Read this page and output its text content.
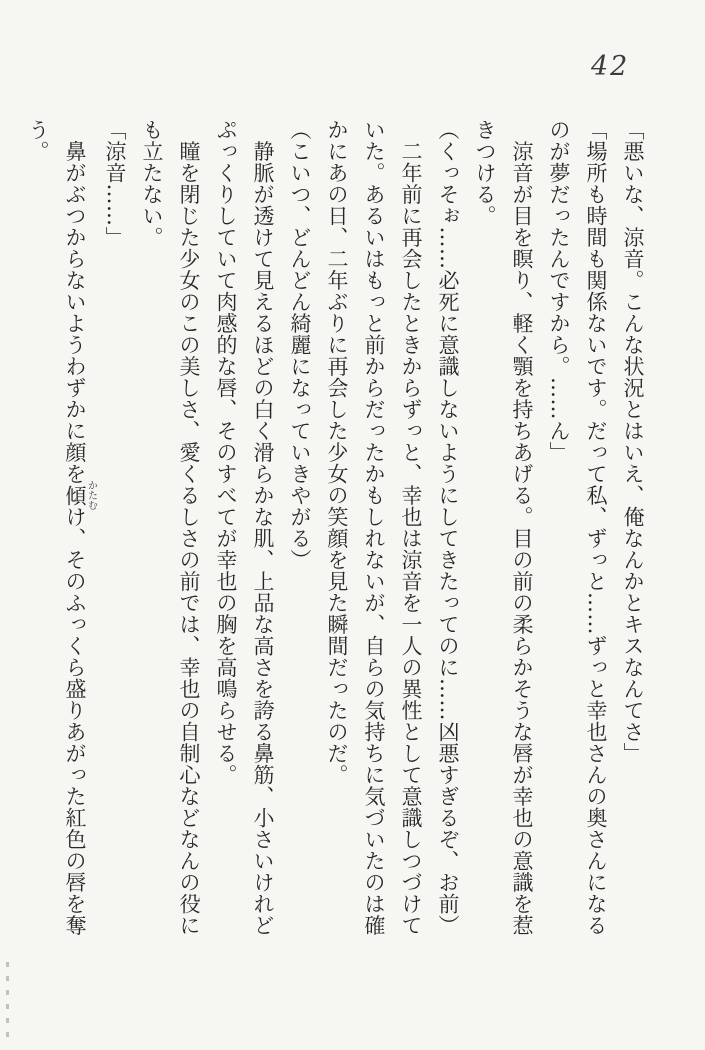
42

「悪いな、涼音。こんな状況とはいえ、俺なんかとキスなんてさ」

「場所も時間も関係ないです。だって私、ずっと……ずっと幸也さんの奥さんになる

のが夢だったんですから。……ん」

　涼音が目を瞑り、軽く顎を持ちあげる。目の前の柔らかそうな唇が幸也の意識を惹

きつける。

（くっそぉ……必死に意識しないようにしてきたってのに……凶悪すぎるぞ、お前）

　二年前に再会したときからずっと、幸也は涼音を一人の異性として意識しつづけて

いた。あるいはもっと前からだったかもしれないが、自らの気持ちに気づいたのは確

かにあの日、二年ぶりに再会した少女の笑顔を見た瞬間だったのだ。

（こいつ、どんどん綺麗になっていきやがる）

　静脈が透けて見えるほどの白く滑らかな肌、上品な高さを誇る鼻筋、小さいけれど

ぷっくりしていて肉感的な唇、そのすべてが幸也の胸を高鳴らせる。

　瞳を閉じた少女のこの美しさ、愛くるしさの前では、幸也の自制心などなんの役に

も立たない。

「涼音……」

　鼻がぶつからないようわずかに顔を傾かたむけ、そのふっくら盛りあがった紅色の唇を奪

う。
